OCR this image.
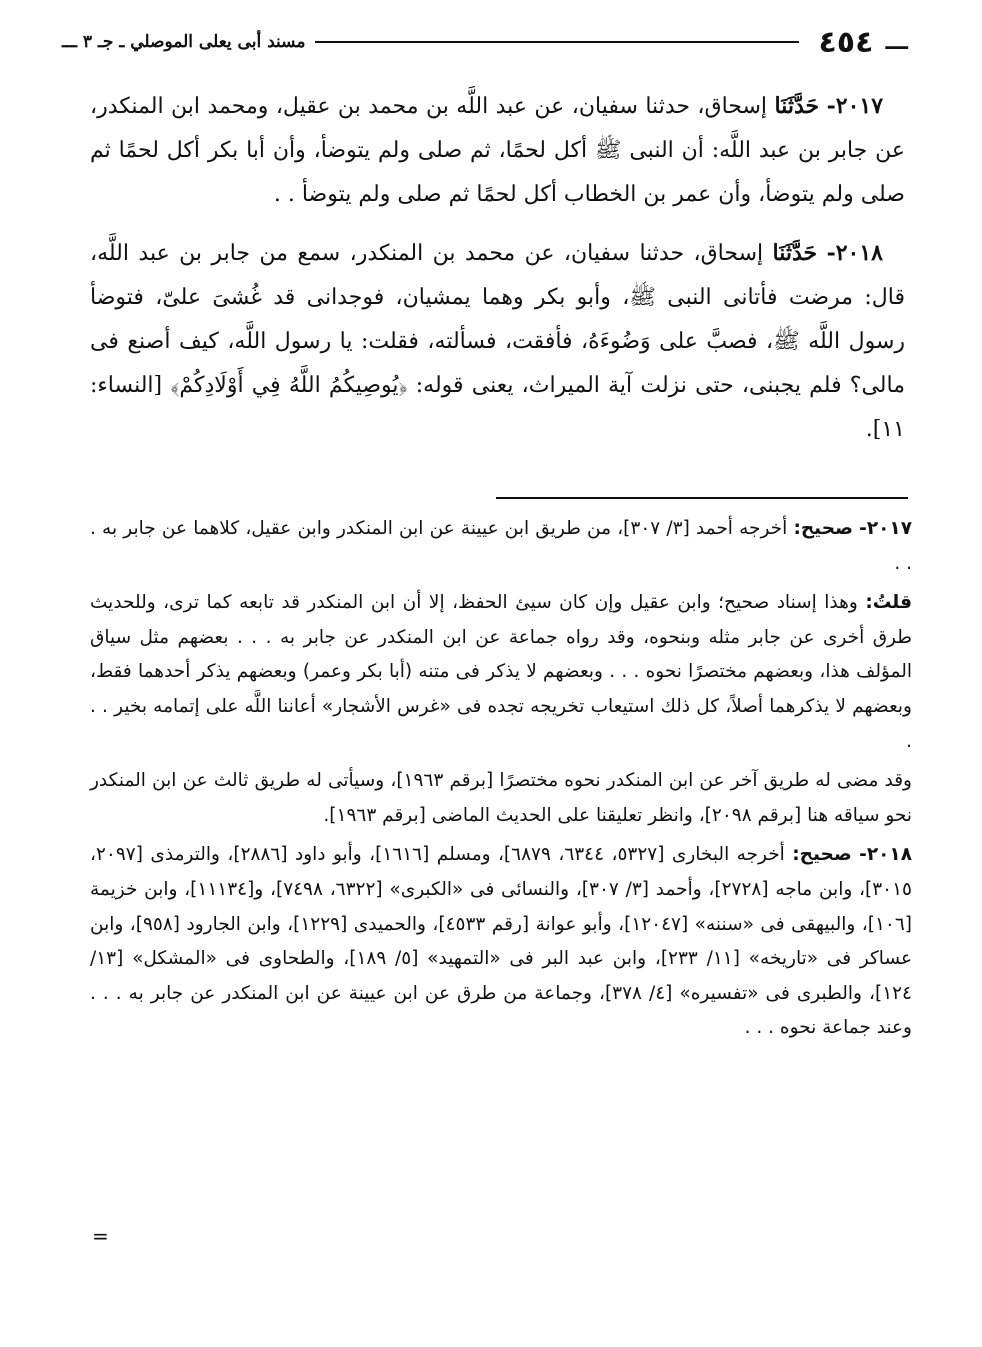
ـــ
٤٥٤
مسند أبى يعلى الموصلي ـ جـ ٣ ـــ

٢٠١٧- حَدَّثَنَا إسحاق، حدثنا سفيان، عن عبد اللَّه بن محمد بن عقيل، ومحمد ابن المنكدر، عن جابر بن عبد اللَّه: أن النبى ﷺ أكل لحمًا، ثم صلى ولم يتوضأ، وأن أبا بكر أكل لحمًا ثم صلى ولم يتوضأ، وأن عمر بن الخطاب أكل لحمًا ثم صلى ولم يتوضأ . .

٢٠١٨- حَدَّثَنَا إسحاق، حدثنا سفيان، عن محمد بن المنكدر، سمع من جابر بن عبد اللَّه، قال: مرضت فأتانى النبى ﷺ، وأبو بكر وهما يمشيان، فوجدانى قد غُشىَ علىّ، فتوضأ رسول اللَّه ﷺ، فصبَّ على وَضُوءَهُ، فأفقت، فسألته، فقلت: يا رسول اللَّه، كيف أصنع فى مالى؟ فلم يجبنى، حتى نزلت آية الميراث، يعنى قوله: ﴿يُوصِيكُمُ اللَّهُ فِي أَوْلَادِكُمْ﴾ [النساء: ١١].

٢٠١٧- صحيح: أخرجه أحمد [٣/ ٣٠٧]، من طريق ابن عيينة عن ابن المنكدر وابن عقيل، كلاهما عن جابر به . . .

قلتُ: وهذا إسناد صحيح؛ وابن عقيل وإن كان سيئ الحفظ، إلا أن ابن المنكدر قد تابعه كما ترى، وللحديث طرق أخرى عن جابر مثله وبنحوه، وقد رواه جماعة عن ابن المنكدر عن جابر به . . . بعضهم مثل سياق المؤلف هذا، وبعضهم مختصرًا نحوه . . . وبعضهم لا يذكر فى متنه (أبا بكر وعمر) وبعضهم يذكر أحدهما فقط، وبعضهم لا يذكرهما أصلاً، كل ذلك استيعاب تخريجه تجده فى «غرس الأشجار» أعاننا اللَّه على إتمامه بخير . . .

وقد مضى له طريق آخر عن ابن المنكدر نحوه مختصرًا [برقم ١٩٦٣]، وسيأتى له طريق ثالث عن ابن المنكدر نحو سياقه هنا [برقم ٢٠٩٨]، وانظر تعليقنا على الحديث الماضى [برقم ١٩٦٣].

٢٠١٨- صحيح: أخرجه البخارى [٥٣٢٧، ٦٣٤٤، ٦٨٧٩]، ومسلم [١٦١٦]، وأبو داود [٢٨٨٦]، والترمذى [٢٠٩٧، ٣٠١٥]، وابن ماجه [٢٧٢٨]، وأحمد [٣/ ٣٠٧]، والنسائى فى «الكبرى» [٦٣٢٢، ٧٤٩٨]، و[١١١٣٤]، وابن خزيمة [١٠٦]، والبيهقى فى «سننه» [١٢٠٤٧]، وأبو عوانة [رقم ٤٥٣٣]، والحميدى [١٢٢٩]، وابن الجارود [٩٥٨]، وابن عساكر فى «تاريخه» [١١/ ٢٣٣]، وابن عبد البر فى «التمهيد» [٥/ ١٨٩]، والطحاوى فى «المشكل» [١٣/ ١٢٤]، والطبرى فى «تفسيره» [٤/ ٣٧٨]، وجماعة من طرق عن ابن عيينة عن ابن المنكدر عن جابر به . . . وعند جماعة نحوه . . .

=
